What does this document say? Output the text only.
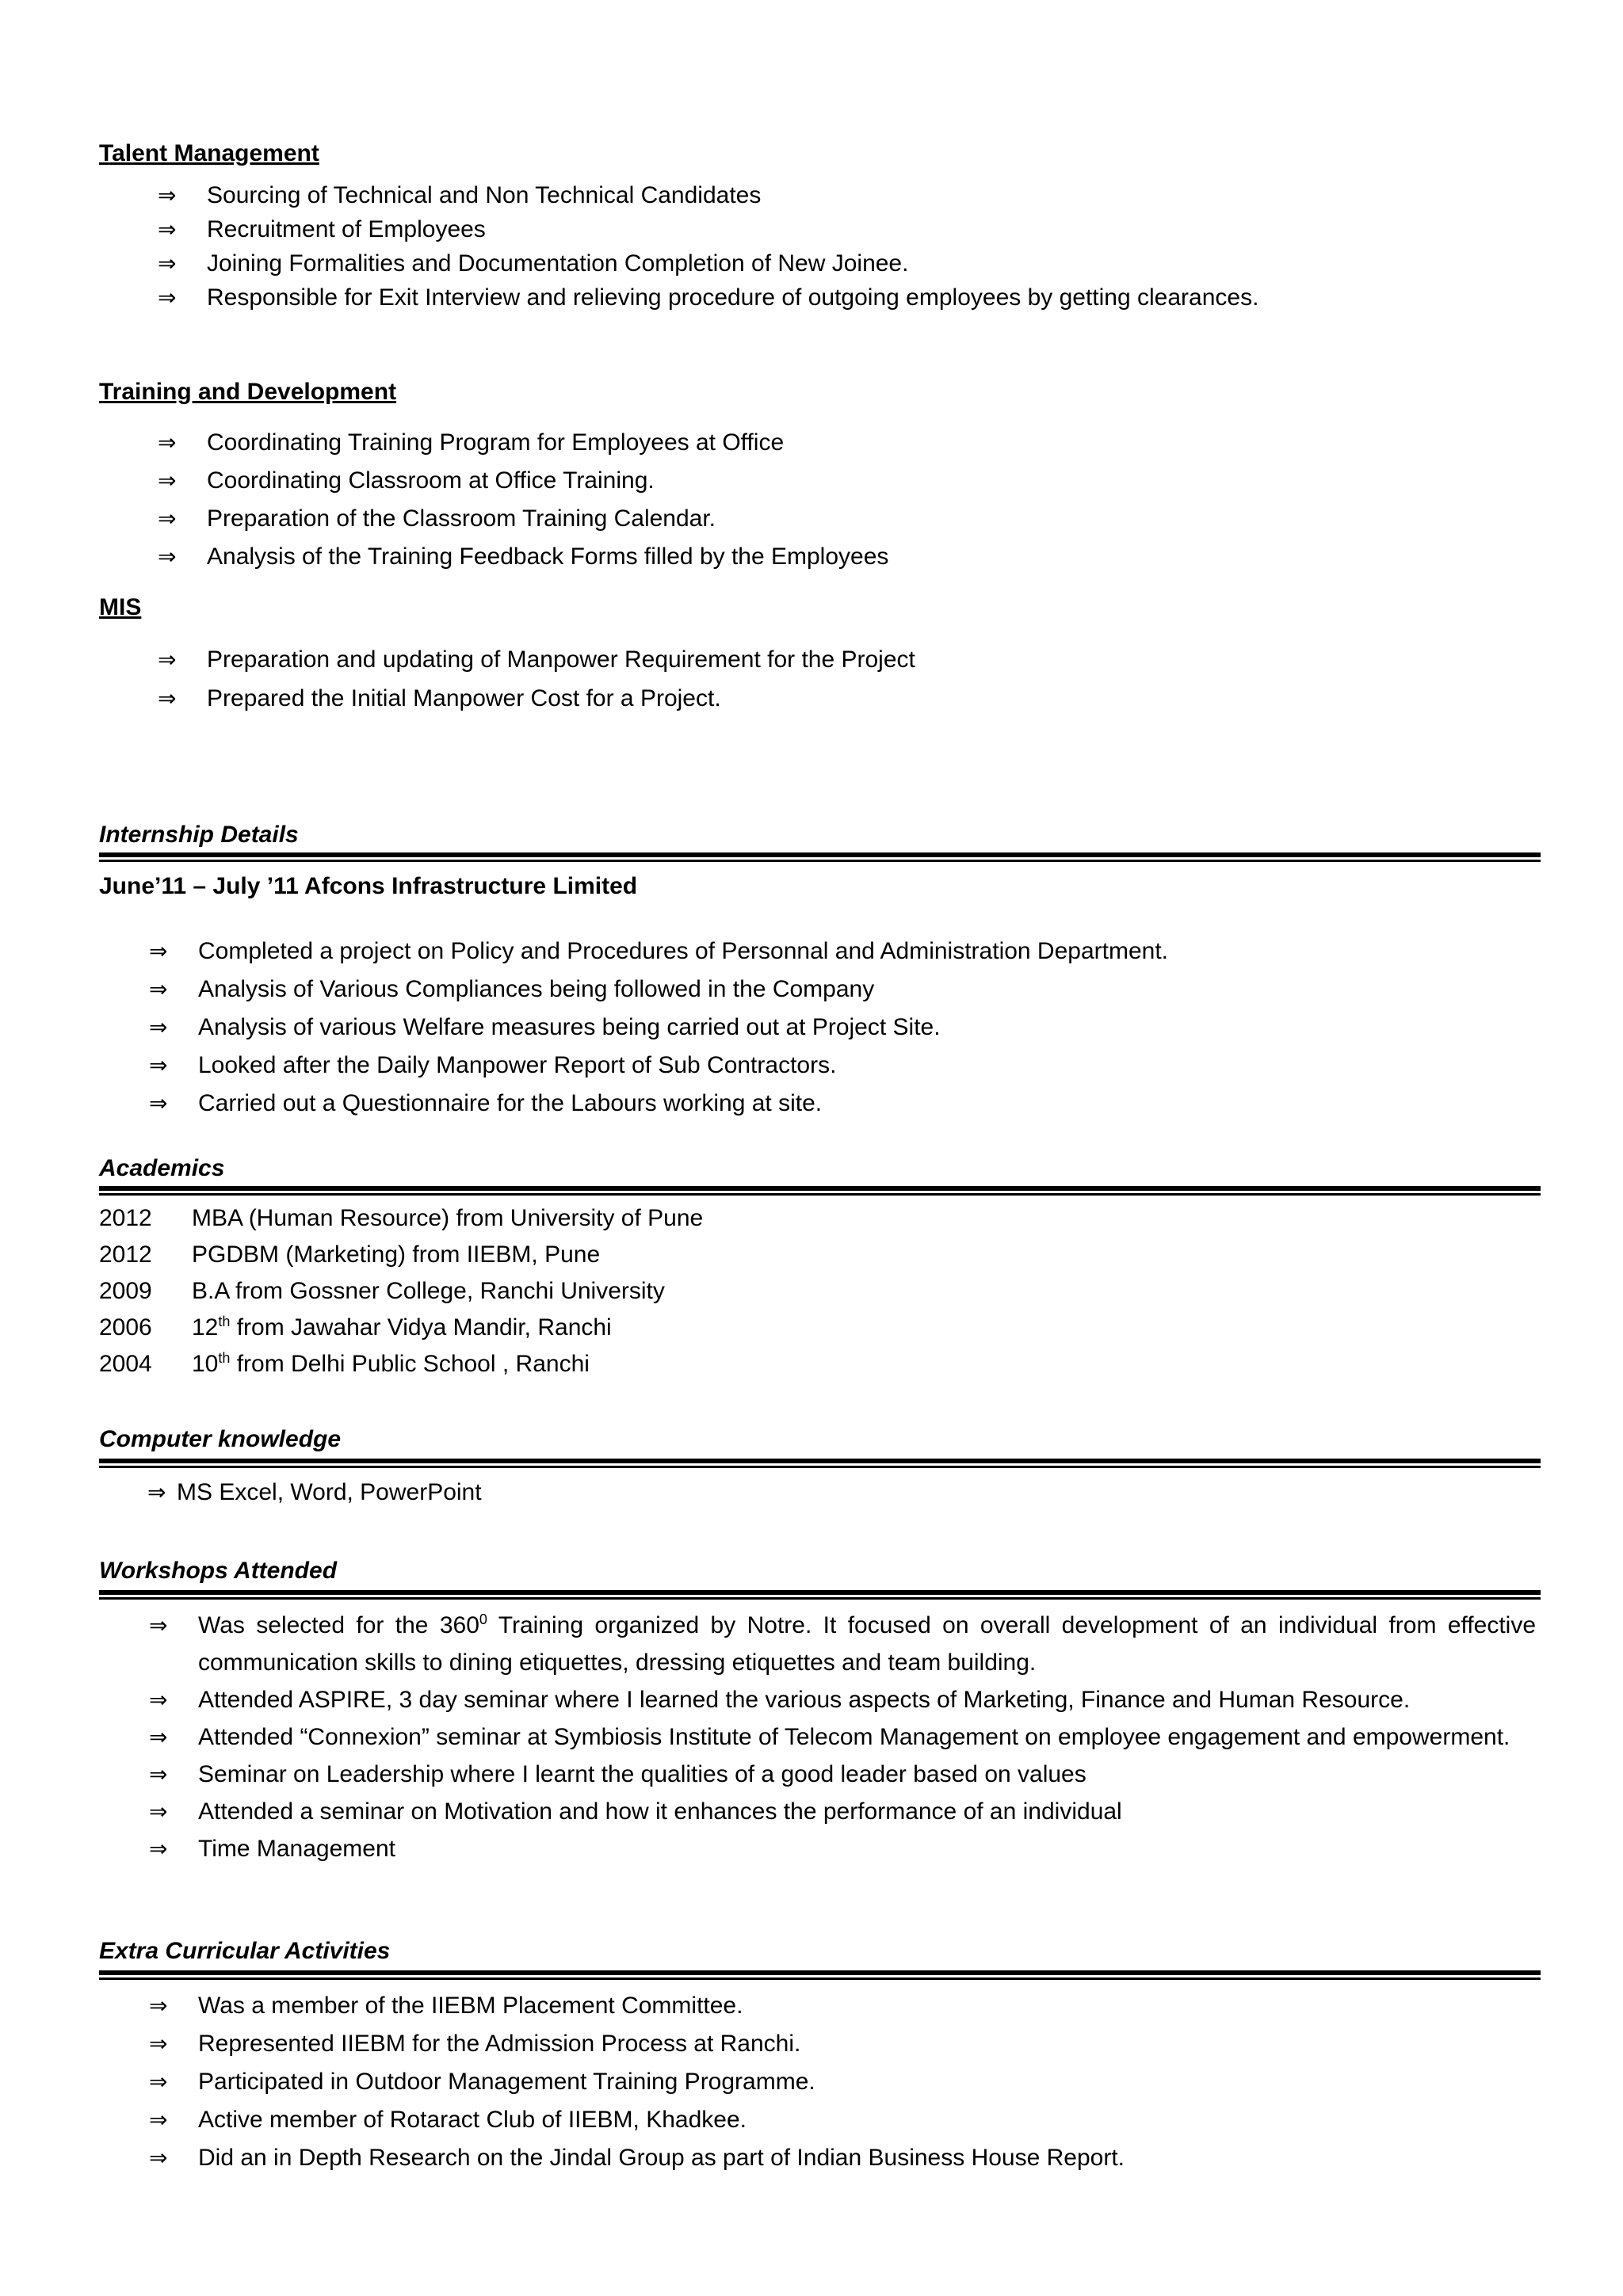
Talent Management
⇒ Sourcing of Technical and Non Technical Candidates
⇒ Recruitment of Employees
⇒ Joining Formalities and Documentation Completion of New Joinee.
⇒ Responsible for Exit Interview and relieving procedure of outgoing employees by getting clearances.
Training and Development
⇒ Coordinating Training Program for Employees at Office
⇒ Coordinating Classroom at Office Training.
⇒ Preparation of the Classroom Training Calendar.
⇒ Analysis of the Training Feedback Forms filled by the Employees
MIS
⇒ Preparation and updating of Manpower Requirement for the Project
⇒ Prepared the Initial Manpower Cost for a Project.
Internship Details
June’11 – July ’11 Afcons Infrastructure Limited
⇒ Completed a project on Policy and Procedures of Personnal and Administration Department.
⇒ Analysis of Various Compliances being followed in the Company
⇒ Analysis of various Welfare measures being carried out at Project Site.
⇒ Looked after the Daily Manpower Report of Sub Contractors.
⇒ Carried out a Questionnaire for the Labours working at site.
Academics
2012 MBA (Human Resource) from University of Pune
2012 PGDBM (Marketing) from IIEBM, Pune
2009 B.A from Gossner College, Ranchi University
2006 12th from Jawahar Vidya Mandir, Ranchi
2004 10th from Delhi Public School , Ranchi
Computer knowledge
⇒ MS Excel, Word, PowerPoint
Workshops Attended
⇒ Was selected for the $360^0$ Training organized by Notre. It focused on overall development of an individual from effective communication skills to dining etiquettes, dressing etiquettes and team building.
⇒ Attended ASPIRE, 3 day seminar where I learned the various aspects of Marketing, Finance and Human Resource.
⇒ Attended “Connexion” seminar at Symbiosis Institute of Telecom Management on employee engagement and empowerment.
⇒ Seminar on Leadership where I learnt the qualities of a good leader based on values
⇒ Attended a seminar on Motivation and how it enhances the performance of an individual
⇒ Time Management
Extra Curricular Activities
⇒ Was a member of the IIEBM Placement Committee.
⇒ Represented IIEBM for the Admission Process at Ranchi.
⇒ Participated in Outdoor Management Training Programme.
⇒ Active member of Rotaract Club of IIEBM, Khadkee.
⇒ Did an in Depth Research on the Jindal Group as part of Indian Business House Report.
